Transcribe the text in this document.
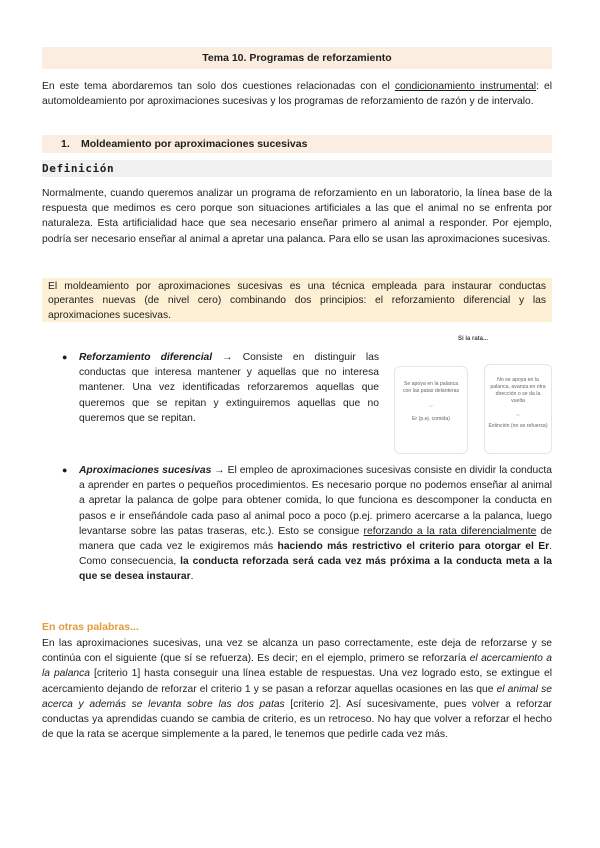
Tema 10. Programas de reforzamiento

En este tema abordaremos tan solo dos cuestiones relacionadas con el condicionamiento instrumental: el automoldeamiento por aproximaciones sucesivas y los programas de reforzamiento de razón y de intervalo.

1.	Moldeamiento por aproximaciones sucesivas
Definición

Normalmente, cuando queremos analizar un programa de reforzamiento en un laboratorio, la línea base de la respuesta que medimos es cero porque son situaciones artificiales a las que el animal no se enfrenta por naturaleza. Esta artificialidad hace que sea necesario enseñar primero al animal a responder. Por ejemplo, podría ser necesario enseñar al animal a apretar una palanca. Para ello se usan las aproximaciones sucesivas.

El moldeamiento por aproximaciones sucesivas es una técnica empleada para instaurar conductas operantes nuevas (de nivel cero) combinando dos principios: el reforzamiento diferencial y las aproximaciones sucesivas.

● Reforzamiento diferencial → Consiste en distinguir las conductas que interesa mantener y aquellas que no interesa mantener. Una vez identificadas reforzaremos aquellas que queremos que se repitan y extinguiremos aquellas que no queremos que se repitan.

Si la rata...
Se apoya en la palanca con las patas delanteras
⌄
Er (p.ej. comida)
No se apoya en la palanca, avanza en otra dirección o se da la vuelta
⌄
Extinción (no se refuerza)
● Aproximaciones sucesivas → El empleo de aproximaciones sucesivas consiste en dividir la conducta a aprender en partes o pequeños procedimientos. Es necesario porque no podemos enseñar al animal a apretar la palanca de golpe para obtener comida, lo que funciona es descomponer la conducta en pasos e ir enseñándole cada paso al animal poco a poco (p.ej. primero acercarse a la palanca, luego levantarse sobre las patas traseras, etc.). Esto se consigue reforzando a la rata diferencialmente de manera que cada vez le exigiremos más haciendo más restrictivo el criterio para otorgar el Er. Como consecuencia, la conducta reforzada será cada vez más próxima a la conducta meta a la que se desea instaurar.

En otras palabras...

En las aproximaciones sucesivas, una vez se alcanza un paso correctamente, este deja de reforzarse y se continúa con el siguiente (que sí se refuerza). Es decir; en el ejemplo, primero se reforzaría el acercamiento a la palanca [criterio 1] hasta conseguir una línea estable de respuestas. Una vez logrado esto, se extingue el acercamiento dejando de reforzar el criterio 1 y se pasan a reforzar aquellas ocasiones en las que el animal se acerca y además se levanta sobre las dos patas [criterio 2]. Así sucesivamente, pues volver a reforzar conductas ya aprendidas cuando se cambia de criterio, es un retroceso. No hay que volver a reforzar el hecho de que la rata se acerque simplemente a la pared, le tenemos que pedirle cada vez más.
